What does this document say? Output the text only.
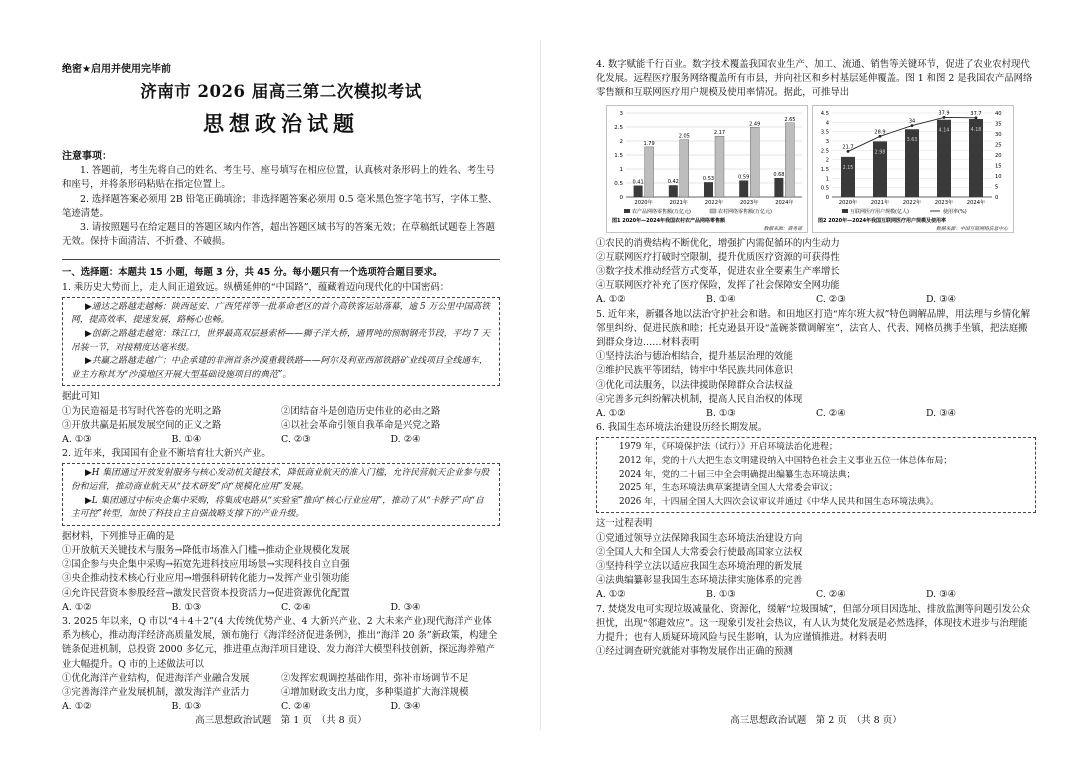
绝密★启用并使用完毕前

济南市 2026 届高三第二次模拟考试

思想政治试题

注意事项：

1. 答题前，考生先将自己的姓名、考生号、座号填写在相应位置，认真核对条形码上的姓名、考生号和座号，并将条形码粘贴在指定位置上。

2. 选择题答案必须用 2B 铅笔正确填涂；非选择题答案必须用 0.5 毫米黑色签字笔书写，字体工整、笔迹清楚。

3. 请按照题号在给定题目的答题区域内作答，超出答题区域书写的答案无效；在草稿纸试题卷上答题无效。保持卡面清洁、不折叠、不破损。

一、选择题：本题共 15 小题，每题 3 分，共 45 分。每小题只有一个选项符合题目要求。

1. 乘历史大势而上，走人间正道致远。纵横延伸的“中国路”，蕴藏着迈向现代化的中国密码：

▶通达之路越走越畅：陕西延安、广西凭祥等一批革命老区的首个高铁客运站落幕，逾 5 万公里中国高铁网，提高效率、提速发展，路畅心也畅。

▶创新之路越走越宽：珠江口，世界最高双层悬索桥——狮子洋大桥，通胃吨的预制钢壳节段，平均 7 天吊装一节，对接精度达毫米级。

▶共赢之路越走越广：中企承建的非洲首条沙漠重载铁路——阿尔及利亚西部铁路矿业线项目全线通车，业主方称其为“沙漠地区开展大型基础设施项目的典范”。

据此可知

①为民造福是书写时代答卷的光明之路	②团结奋斗是创造历史伟业的必由之路
③开放共赢是拓展发展空间的正义之路	④以社会革命引领自我革命是兴党之路
A. ①③	B. ①④	C. ②③	D. ②④

2. 近年来，我国国有企业不断培育壮大新兴产业。

▶H 集团通过开放发射服务与核心发动机关键技术，降低商业航天的准入门槛，允许民营航天企业参与股份和运营，推动商业航天从“技术研发”向“规模化应用”发展。

▶L 集团通过中标央企集中采购，将集成电路从“实验室”推向“核心行业应用”，推动了从“卡脖子”向“自主可控”转型，加快了科技自主自强战略支撑下的产业升级。

据材料，下列推导正确的是

①开放航天关键技术与服务→降低市场准入门槛→推动企业规模化发展

②国企参与央企集中采购→拓宽先进科技应用场景→实现科技自立自强

③央企推动技术核心行业应用→增强科研转化能力→发挥产业引领功能

④允许民营资本参股经营→激发民营资本投资活力→促进资源优化配置

A. ①②	B. ①③	C. ②④	D. ③④

3. 2025 年以来，Q 市以“4＋4＋2”(4 大传统优势产业、4 大新兴产业、2 大未来产业)现代海洋产业体系为核心，推动海洋经济高质量发展，颁布施行《海洋经济促进条例》，推出“海洋 20 条”新政策，构建全链条促进机制，总投资 2000 多亿元，推进重点海洋项目建设、发力海洋大模型科技创新，探远海养殖产业大幅提升。Q 市的上述做法可以

①优化海洋产业结构，促进海洋产业融合发展	②发挥宏观调控基础作用，弥补市场调节不足
③完善海洋产业发展机制，激发海洋产业活力	④增加财政支出力度，多种渠道扩大海洋规模
A. ①②	B. ①③	C. ②④	D. ③④
高三思想政治试题　第 1 页　（共 8 页）

4. 数字赋能千行百业。数字技术覆盖我国农业生产、加工、流通、销售等关键环节，促进了农业农村现代化发展。远程医疗服务网络覆盖所有市县，并向社区和乡村基层延伸覆盖。图 1 和图 2 是我国农产品网络零售额和互联网医疗用户规模及使用率情况。据此，可推导出

0
0.5
1
1.5
2
2.5
3
0.41
1.79
2020年
0.42
2.05
2021年
0.53
2.17
2022年
0.59
2.49
2023年
0.68
2.65
2024年
农产品网络零售额(万亿元)	农村网络零售额(万亿元)
图1 2020年—2024年我国农村农产品网络零售额
数据来源：商务部
0
0.5
1
1.5
2
2.5
3
3.5
4
4.5
0
5
10
15
20
25
30
35
40
2.15
2020年
2.98
2021年
3.63
2022年
4.14
2023年
4.18
2024年
21.7
28.9
34
37.9	37.7
互联网医疗用户规模(亿人)	使用率(%)
图2 2020年—2024年我国互联网医疗用户规模及使用率
数据来源：中国互联网络信息中心

①农民的消费结构不断优化，增强扩内需促循环的内生动力

②互联网医疗打破时空限制，提升优质医疗资源的可获得性

③数字技术推动经营方式变革，促进农业全要素生产率增长

④互联网医疗补充了医疗保险，发挥了社会保障安全网功能

A. ①②	B. ①④	C. ②③	D. ③④

5. 近年来，新疆各地以法治守护社会和谐。和田地区打造“库尔班大叔”特色调解品牌，用法理与乡情化解邻里纠纷、促进民族和睦；托克逊县开设“盖碗茶微调解室”，法官人、代表、网格员携手坐镇，把法庭搬到群众身边……材料表明

①坚持法治与德治相结合，提升基层治理的效能

②维护民族平等团结，铸牢中华民族共同体意识

③优化司法服务，以法律援助保障群众合法权益

④完善多元纠纷解决机制，提高人民自治权的体现

A. ①②	B. ①③	C. ②④	D. ③④

6. 我国生态环境法治建设历经长期发展。

1979 年，《环境保护法（试行）》开启环境法治化进程；

2012 年，党的十八大把生态文明建设纳入中国特色社会主义事业五位一体总体布局；

2024 年，党的二十届三中全会明确提出编纂生态环境法典；

2025 年，生态环境法典草案提请全国人大常委会审议；

2026 年，十四届全国人大四次会议审议并通过《中华人民共和国生态环境法典》。

这一过程表明

①党通过领导立法保障我国生态环境法治建设方向

②全国人大和全国人大常委会行使最高国家立法权

③坚持科学立法以适应我国生态环境治理的新发展

④法典编纂彰显我国生态环境法律实施体系的完善

A. ①②	B. ①③	C. ②④	D. ③④

7. 焚烧发电可实现垃圾减量化、资源化，缓解“垃圾围城”，但部分项目因选址、排放监测等问题引发公众担忧，出现“邻避效应”。这一现象引发社会热议，有人认为焚化发展是必然选择，体现技术进步与治理能力提升；也有人质疑环境风险与民生影响，认为应谨慎推进。材料表明

①经过调查研究就能对事物发展作出正确的预测

高三思想政治试题　第 2 页　（共 8 页）
